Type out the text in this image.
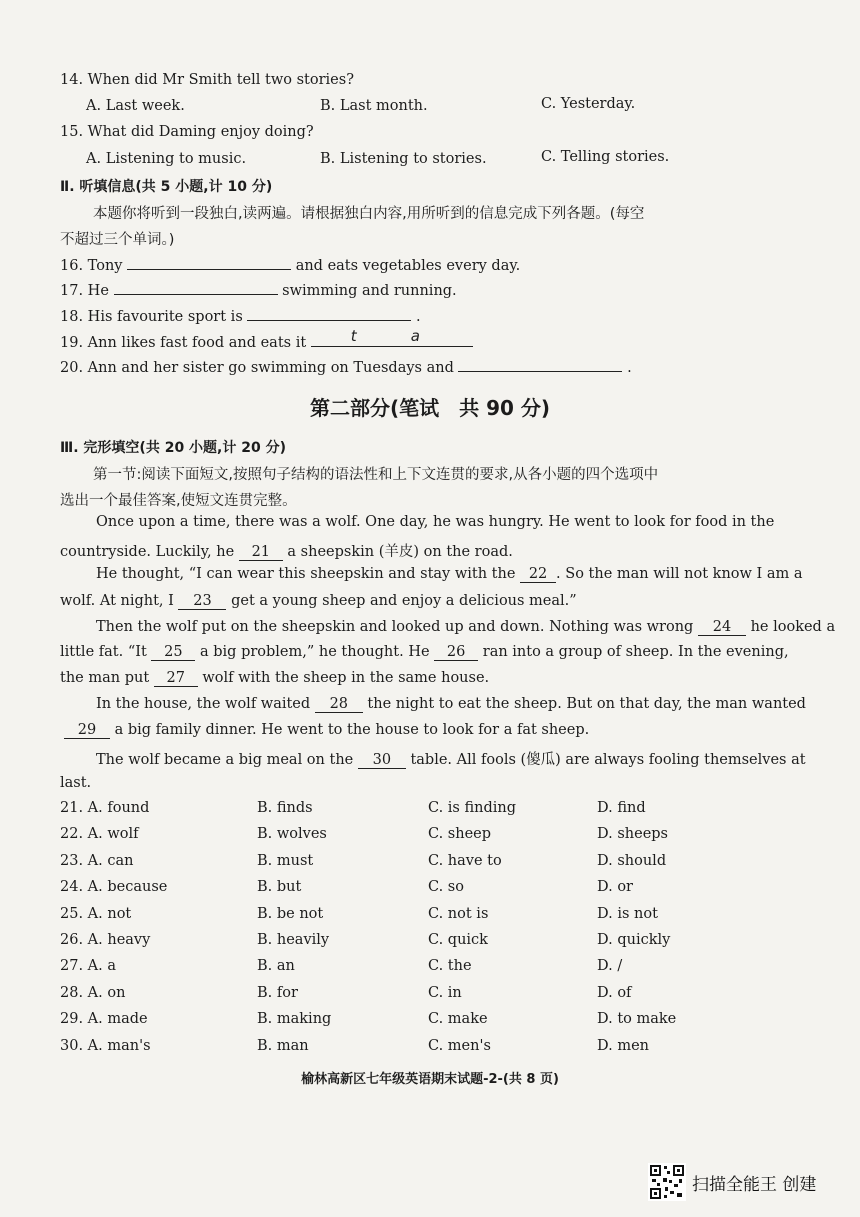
14. When did Mr Smith tell two stories?
A. Last week.	B. Last month.	C. Yesterday.
15. What did Daming enjoy doing?
A. Listening to music.	B. Listening to stories.	C. Telling stories.
Ⅱ. 听填信息(共 5 小题,计 10 分)
本题你将听到一段独白,读两遍。请根据独白内容,用所听到的信息完成下列各题。(每空
不超过三个单词。)
16. Tony	and eats vegetables every day.
17. He	swimming and running.
18. His favourite sport is	.
19. Ann likes fast food and eats it	t	a
20. Ann and her sister go swimming on Tuesdays and	.
第二部分(笔试　共 90 分)
Ⅲ. 完形填空(共 20 小题,计 20 分)
第一节:阅读下面短文,按照句子结构的语法性和上下文连贯的要求,从各小题的四个选项中
选出一个最佳答案,使短文连贯完整。
Once upon a time, there was a wolf. One day, he was hungry. He went to look for food in the
countryside. Luckily, he 21 a sheepskin (羊皮) on the road.
He thought, “I can wear this sheepskin and stay with the 22 . So the man will not know I am a
wolf. At night, I 23 get a young sheep and enjoy a delicious meal.”
Then the wolf put on the sheepskin and looked up and down. Nothing was wrong 24 he looked a
little fat. “It 25 a big problem,” he thought. He 26 ran into a group of sheep. In the evening,
the man put 27 wolf with the sheep in the same house.
In the house, the wolf waited 28 the night to eat the sheep. But on that day, the man wanted
29 a big family dinner. He went to the house to look for a fat sheep.
The wolf became a big meal on the 30 table. All fools (傻瓜) are always fooling themselves at
last.
21. A. found	B. finds	C. is finding	D. find
22. A. wolf	B. wolves	C. sheep	D. sheeps
23. A. can	B. must	C. have to	D. should
24. A. because	B. but	C. so	D. or
25. A. not	B. be not	C. not is	D. is not
26. A. heavy	B. heavily	C. quick	D. quickly
27. A. a	B. an	C. the	D. /
28. A. on	B. for	C. in	D. of
29. A. made	B. making	C. make	D. to make
30. A. man's	B. man	C. men's	D. men
榆林高新区七年级英语期末试题-2-(共 8 页)
扫描全能王 创建
